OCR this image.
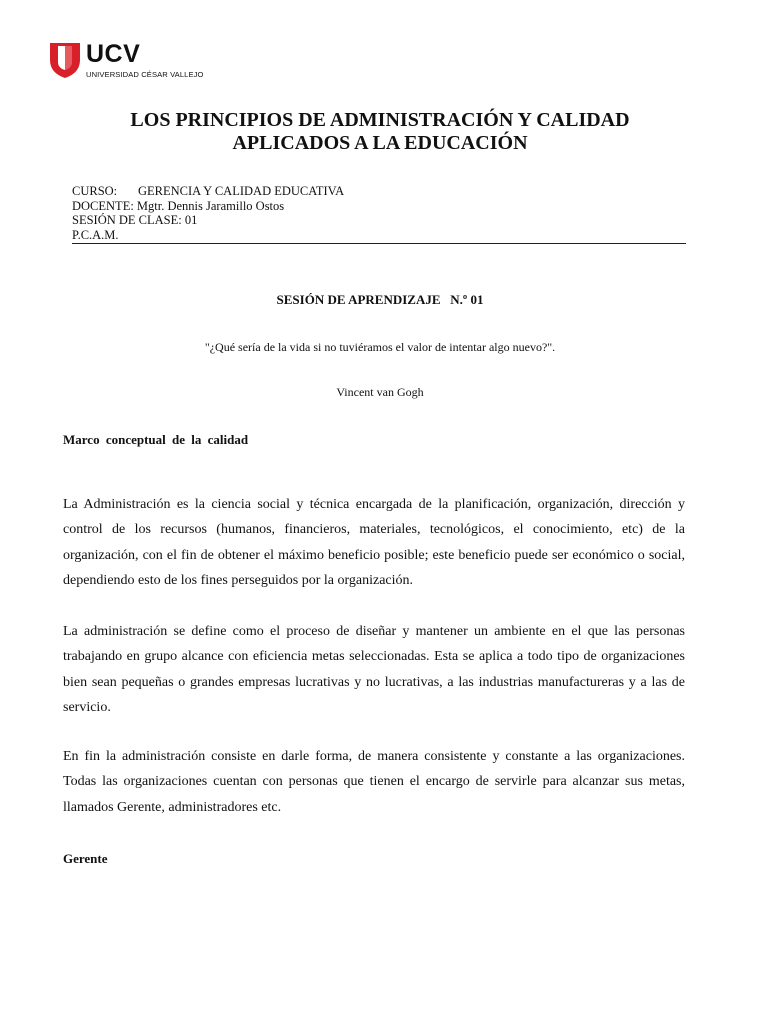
UCV
UNIVERSIDAD CÉSAR VALLEJO
LOS PRINCIPIOS DE ADMINISTRACIÓN Y CALIDAD
APLICADOS A LA EDUCACIÓN
CURSO: GERENCIA Y CALIDAD EDUCATIVA
DOCENTE: Mgtr. Dennis Jaramillo Ostos
SESIÓN DE CLASE: 01
P.C.A.M.
SESIÓN DE APRENDIZAJE   N.º 01
"¿Qué sería de la vida si no tuviéramos el valor de intentar algo nuevo?".
Vincent van Gogh
Marco conceptual de la calidad

La Administración es la ciencia social y técnica encargada de la planificación, organización, dirección y control de los recursos (humanos, financieros, materiales, tecnológicos, el conocimiento, etc) de la organización, con el fin de obtener el máximo beneficio posible; este beneficio puede ser económico o social, dependiendo esto de los fines perseguidos por la organización.

La administración se define como el proceso de diseñar y mantener un ambiente en el que las personas trabajando en grupo alcance con eficiencia metas seleccionadas. Esta se aplica a todo tipo de organizaciones bien sean pequeñas o grandes empresas lucrativas y no lucrativas, a las industrias manufactureras y a las de servicio.

En fin la administración consiste en darle forma, de manera consistente y constante a las organizaciones. Todas las organizaciones cuentan con personas que tienen el encargo de servirle para alcanzar sus metas, llamados Gerente, administradores etc.

Gerente
